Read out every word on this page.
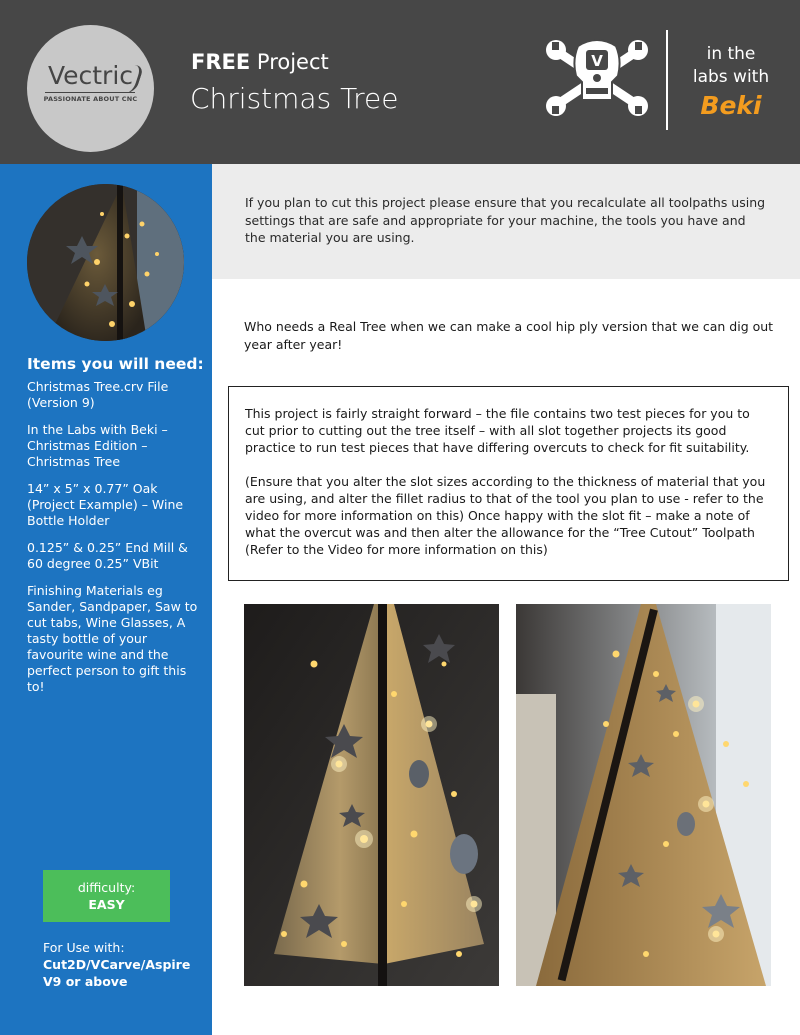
Vectric
PASSIONATE ABOUT CNC
FREE Project
Christmas Tree
V	in the
labs with
Beki
Items you will need:

Christmas Tree.crv File (Version 9)

In the Labs with Beki – Christmas Edition – Christmas Tree

14” x 5” x 0.77” Oak (Project Example) – Wine Bottle Holder

0.125” & 0.25” End Mill & 60 degree 0.25” VBit

Finishing Materials eg Sander, Sandpaper, Saw to cut tabs, Wine Glasses, A tasty bottle of your favourite wine and the perfect person to gift this to!

difficulty:
EASY
For Use with:
Cut2D/VCarve/Aspire V9 or above
If you plan to cut this project please ensure that you recalculate all toolpaths using settings that are safe and appropriate for your machine, the tools you have and the material you are using.
Who needs a Real Tree when we can make a cool hip ply version that we can dig out year after year!

This project is fairly straight forward – the file contains two test pieces for you to cut prior to cutting out the tree itself – with all slot together projects its good practice to run test pieces that have differing overcuts to check for fit suitability.

(Ensure that you alter the slot sizes according to the thickness of material that you are using, and alter the fillet radius to that of the tool you plan to use - refer to the video for more information on this) Once happy with the slot fit – make a note of what the overcut was and then alter the allowance for the “Tree Cutout” Toolpath (Refer to the Video for more information on this)
